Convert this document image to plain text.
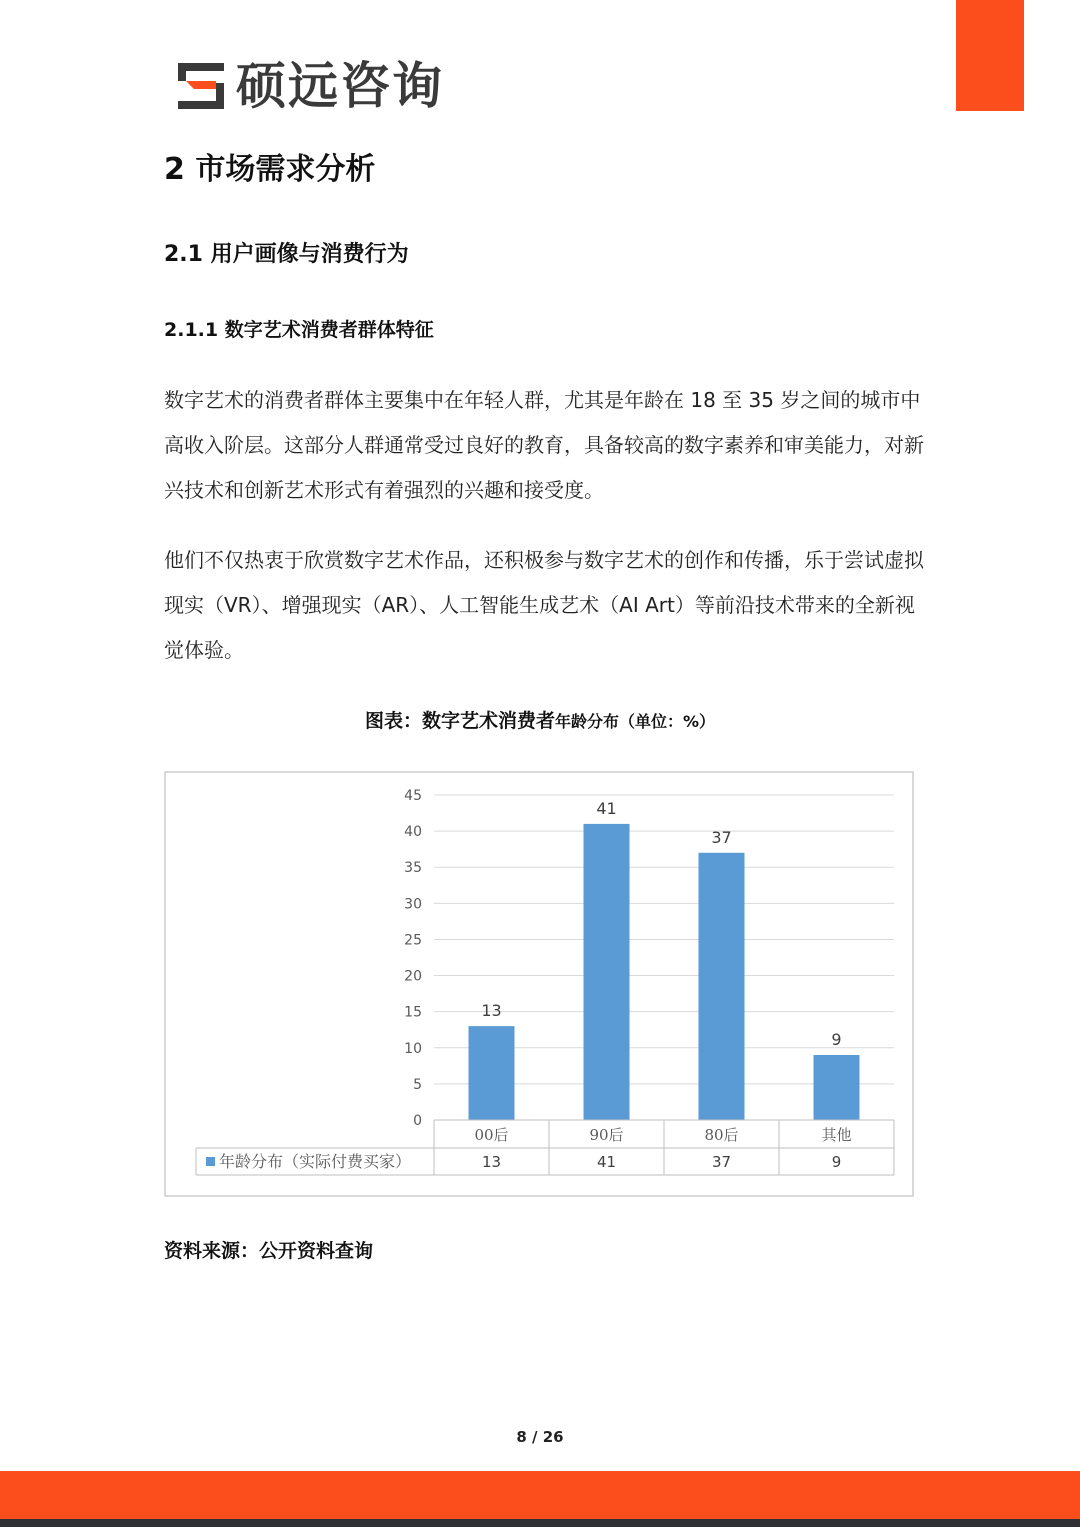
硕远咨询
2 市场需求分析
2.1 用户画像与消费行为
2.1.1 数字艺术消费者群体特征

数字艺术的消费者群体主要集中在年轻人群，尤其是年龄在 18 至 35 岁之间的城市中高收入阶层。这部分人群通常受过良好的教育，具备较高的数字素养和审美能力，对新兴技术和创新艺术形式有着强烈的兴趣和接受度。

他们不仅热衷于欣赏数字艺术作品，还积极参与数字艺术的创作和传播，乐于尝试虚拟现实（VR）、增强现实（AR）、人工智能生成艺术（AI Art）等前沿技术带来的全新视觉体验。

图表：数字艺术消费者年龄分布（单位：%）
0
5
10
15
20
25
30
35
40
45
13
41
37
9
00后
13
90后
41
80后
37
其他
9
年龄分布（实际付费买家）
资料来源：公开资料查询
8 / 26
